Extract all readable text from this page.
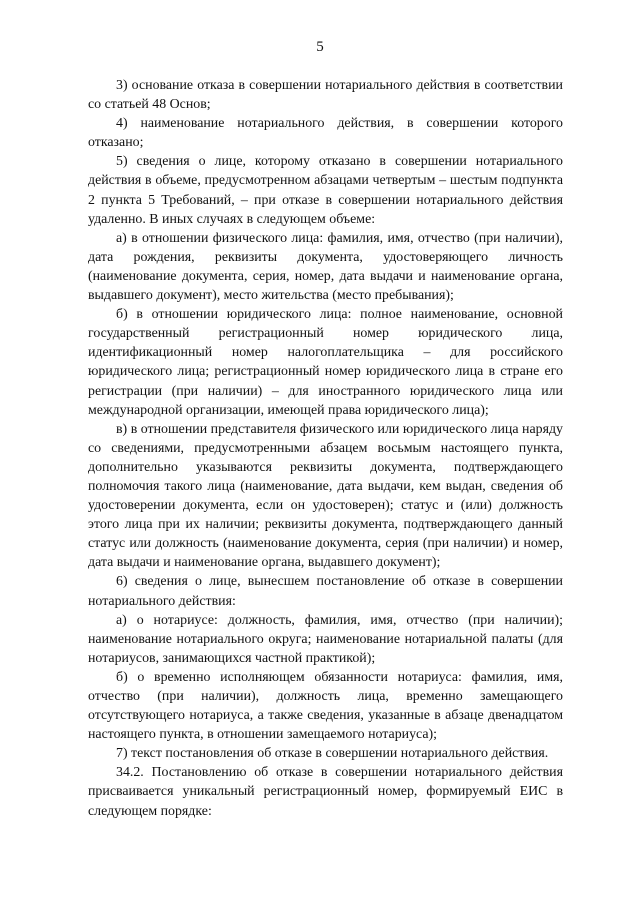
5

3) основание отказа в совершении нотариального действия в соответствии со статьей 48 Основ;

4) наименование нотариального действия, в совершении которого отказано;

5) сведения о лице, которому отказано в совершении нотариального действия в объеме, предусмотренном абзацами четвертым – шестым подпункта 2 пункта 5 Требований, – при отказе в совершении нотариального действия удаленно. В иных случаях в следующем объеме:

а) в отношении физического лица: фамилия, имя, отчество (при наличии), дата рождения, реквизиты документа, удостоверяющего личность (наименование документа, серия, номер, дата выдачи и наименование органа, выдавшего документ), место жительства (место пребывания);

б) в отношении юридического лица: полное наименование, основной государственный регистрационный номер юридического лица, идентификационный номер налогоплательщика – для российского юридического лица; регистрационный номер юридического лица в стране его регистрации (при наличии) – для иностранного юридического лица или международной организации, имеющей права юридического лица);

в) в отношении представителя физического или юридического лица наряду со сведениями, предусмотренными абзацем восьмым настоящего пункта, дополнительно указываются реквизиты документа, подтверждающего полномочия такого лица (наименование, дата выдачи, кем выдан, сведения об удостоверении документа, если он удостоверен); статус и (или) должность этого лица при их наличии; реквизиты документа, подтверждающего данный статус или должность (наименование документа, серия (при наличии) и номер, дата выдачи и наименование органа, выдавшего документ);

6) сведения о лице, вынесшем постановление об отказе в совершении нотариального действия:

а) о нотариусе: должность, фамилия, имя, отчество (при наличии); наименование нотариального округа; наименование нотариальной палаты (для нотариусов, занимающихся частной практикой);

б) о временно исполняющем обязанности нотариуса: фамилия, имя, отчество (при наличии), должность лица, временно замещающего отсутствующего нотариуса, а также сведения, указанные в абзаце двенадцатом настоящего пункта, в отношении замещаемого нотариуса);

7) текст постановления об отказе в совершении нотариального действия.

34.2. Постановлению об отказе в совершении нотариального действия присваивается уникальный регистрационный номер, формируемый ЕИС в следующем порядке:
